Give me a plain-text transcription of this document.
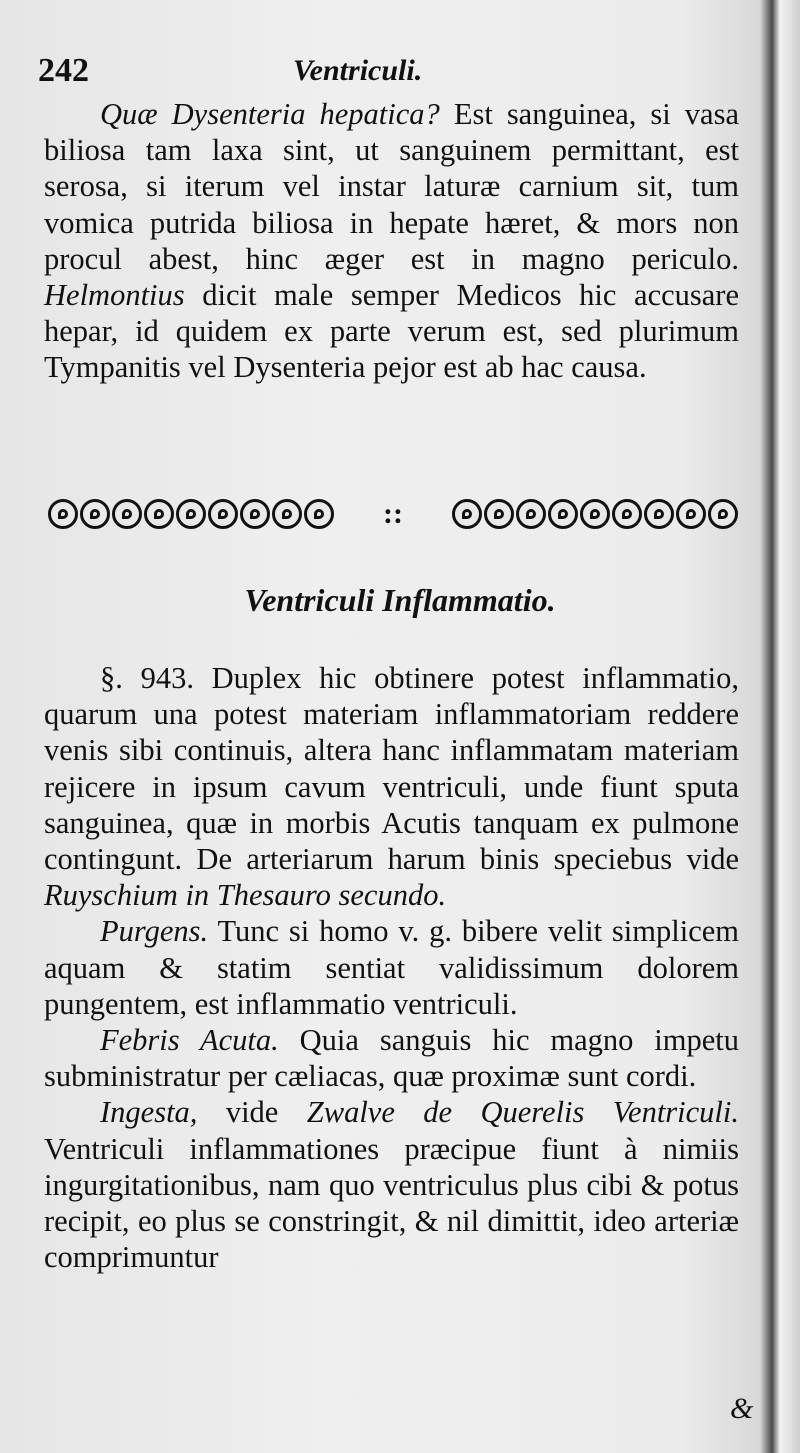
242	Ventriculi.

Quæ Dysenteria hepatica? Est sanguinea, si vasa biliosa tam laxa sint, ut sanguinem permittant, est serosa, si iterum vel instar laturæ carnium sit, tum vomica putrida biliosa in hepate hæret, & mors non procul abest, hinc æger est in magno periculo. Helmontius dicit male semper Medicos hic accusare hepar, id quidem ex parte verum est, sed plurimum Tympanitis vel Dysenteria pejor est ab hac causa.

::
Ventriculi Inflammatio.

§. 943. Duplex hic obtinere potest inflammatio, quarum una potest materiam inflammatoriam reddere venis sibi continuis, altera hanc inflammatam materiam rejicere in ipsum cavum ventriculi, unde fiunt sputa sanguinea, quæ in morbis Acutis tanquam ex pulmone contingunt. De arteriarum harum binis speciebus vide Ruyschium in Thesauro secundo.

Purgens. Tunc si homo v. g. bibere velit simplicem aquam & statim sentiat validissimum dolorem pungentem, est inflammatio ventriculi.

Febris Acuta. Quia sanguis hic magno impetu subministratur per cæliacas, quæ proximæ sunt cordi.

Ingesta, vide Zwalve de Querelis Ventriculi. Ventriculi inflammationes præcipue fiunt à nimiis ingurgitationibus, nam quo ventriculus plus cibi & potus recipit, eo plus se constringit, & nil dimittit, ideo arteriæ comprimuntur

&
